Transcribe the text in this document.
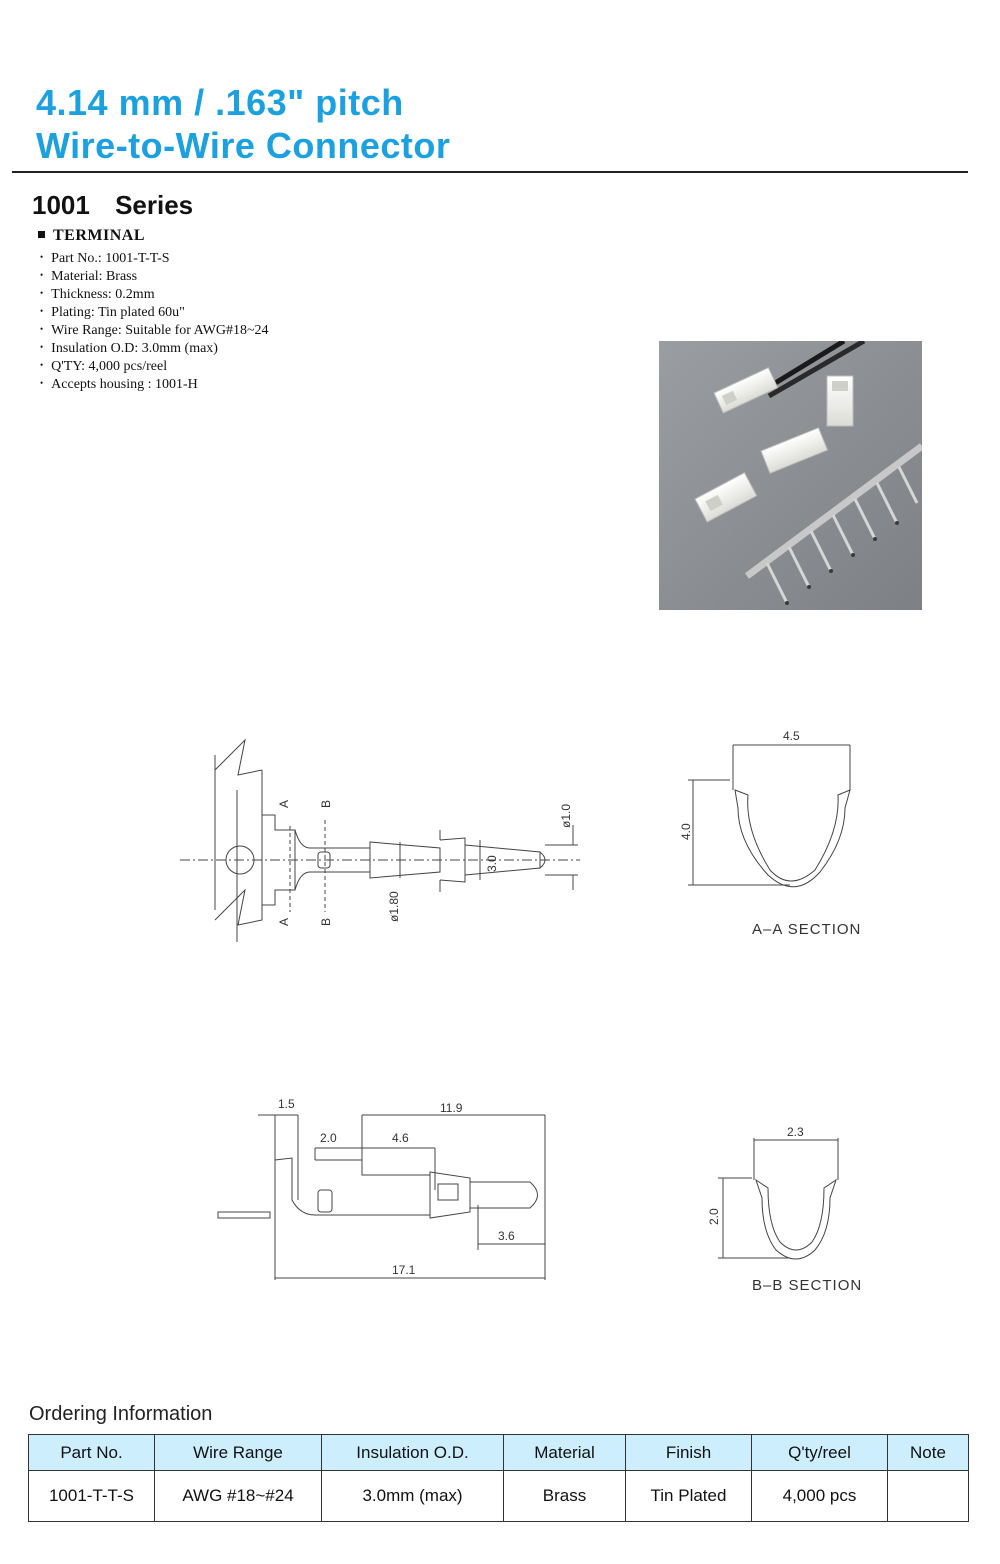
4.14 mm / .163" pitch
Wire-to-Wire Connector
1001 Series
TERMINAL
• Part No.: 1001-T-T-S
• Material: Brass
• Thickness: 0.2mm
• Plating: Tin plated 60u"
• Wire Range: Suitable for AWG#18~24
• Insulation O.D: 3.0mm (max)
• Q'TY: 4,000 pcs/reel
• Accepts housing : 1001-H
A
A
B
B
ø1.0
3.0
ø1.80
4.5
4.0
A–A SECTION
1.5	11.9
2.0	4.6
3.6
17.1
2.3
2.0
B–B SECTION
Ordering Information
Part No.	Wire Range	Insulation O.D.	Material	Finish	Q'ty/reel	Note
1001-T-T-S	AWG #18~#24	3.0mm (max)	Brass	Tin Plated	4,000 pcs	
